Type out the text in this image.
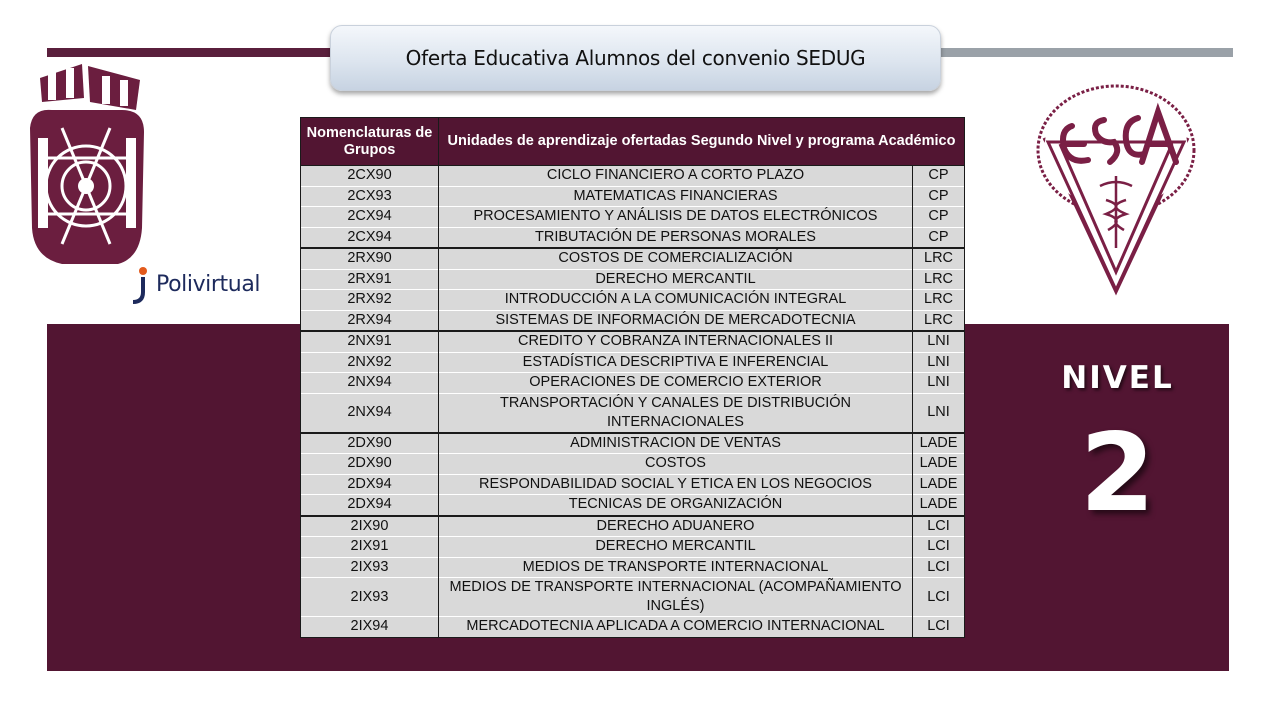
Oferta Educativa Alumnos del convenio SEDUG
Polivirtual
NIVEL
2
Nomenclaturas de Grupos	Unidades de aprendizaje ofertadas Segundo Nivel y programa Académico	
2CX90	CICLO FINANCIERO A CORTO PLAZO	CP
2CX93	MATEMATICAS FINANCIERAS	CP
2CX94	PROCESAMIENTO Y ANÁLISIS DE DATOS ELECTRÓNICOS	CP
2CX94	TRIBUTACIÓN DE PERSONAS MORALES	CP
2RX90	COSTOS DE COMERCIALIZACIÓN	LRC
2RX91	DERECHO MERCANTIL	LRC
2RX92	INTRODUCCIÓN A LA COMUNICACIÓN INTEGRAL	LRC
2RX94	SISTEMAS DE INFORMACIÓN DE MERCADOTECNIA	LRC
2NX91	CREDITO Y COBRANZA INTERNACIONALES II	LNI
2NX92	ESTADÍSTICA DESCRIPTIVA E INFERENCIAL	LNI
2NX94	OPERACIONES DE COMERCIO EXTERIOR	LNI
2NX94	TRANSPORTACIÓN Y CANALES DE DISTRIBUCIÓN INTERNACIONALES	LNI
2DX90	ADMINISTRACION DE VENTAS	LADE
2DX90	COSTOS	LADE
2DX94	RESPONDABILIDAD SOCIAL Y ETICA EN LOS NEGOCIOS	LADE
2DX94	TECNICAS DE ORGANIZACIÓN	LADE
2IX90	DERECHO ADUANERO	LCI
2IX91	DERECHO MERCANTIL	LCI
2IX93	MEDIOS DE TRANSPORTE INTERNACIONAL	LCI
2IX93	MEDIOS DE TRANSPORTE INTERNACIONAL (ACOMPAÑAMIENTO INGLÉS)	LCI
2IX94	MERCADOTECNIA APLICADA A COMERCIO INTERNACIONAL	LCI
